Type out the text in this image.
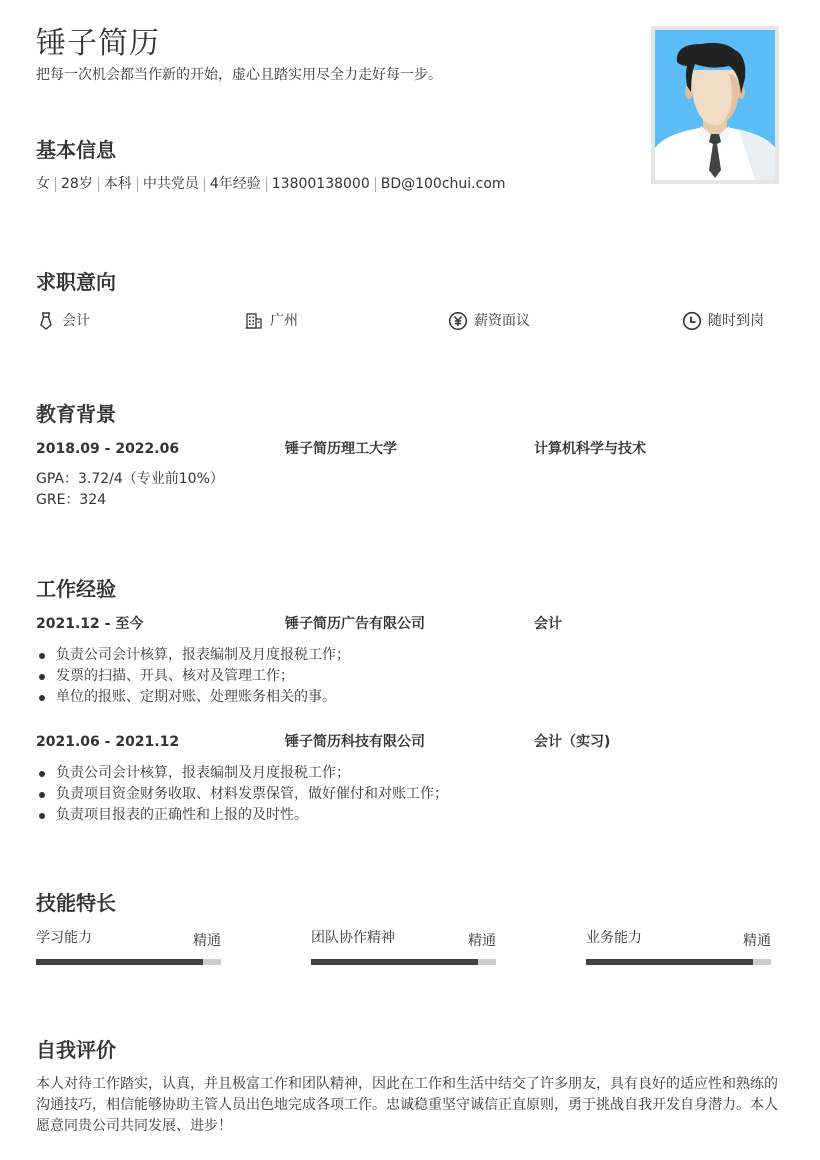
锤子简历
把每一次机会都当作新的开始，虚心且踏实用尽全力走好每一步。
基本信息
女 28岁 本科 中共党员 4年经验 13800138000 BD@100chui.com
求职意向
会计	广州	薪资面议	随时到岗
教育背景
2018.09 - 2022.06	锤子简历理工大学	计算机科学与技术
GPA：3.72/4（专业前10%）
GRE：324
工作经验
2021.12 - 至今	锤子简历广告有限公司	会计
负责公司会计核算，报表编制及月度报税工作；
发票的扫描、开具、核对及管理工作；
单位的报账、定期对账、处理账务相关的事。
2021.06 - 2021.12	锤子简历科技有限公司	会计（实习)
负责公司会计核算，报表编制及月度报税工作；
负责项目资金财务收取、材料发票保管，做好催付和对账工作；
负责项目报表的正确性和上报的及时性。
技能特长
学习能力	精通	团队协作精神	精通	业务能力	精通
自我评价
本人对待工作踏实，认真，并且极富工作和团队精神，因此在工作和生活中结交了许多朋友，具有良好的适应性和熟练的沟通技巧，相信能够协助主管人员出色地完成各项工作。忠诚稳重坚守诚信正直原则，勇于挑战自我开发自身潜力。本人愿意同贵公司共同发展、进步！
